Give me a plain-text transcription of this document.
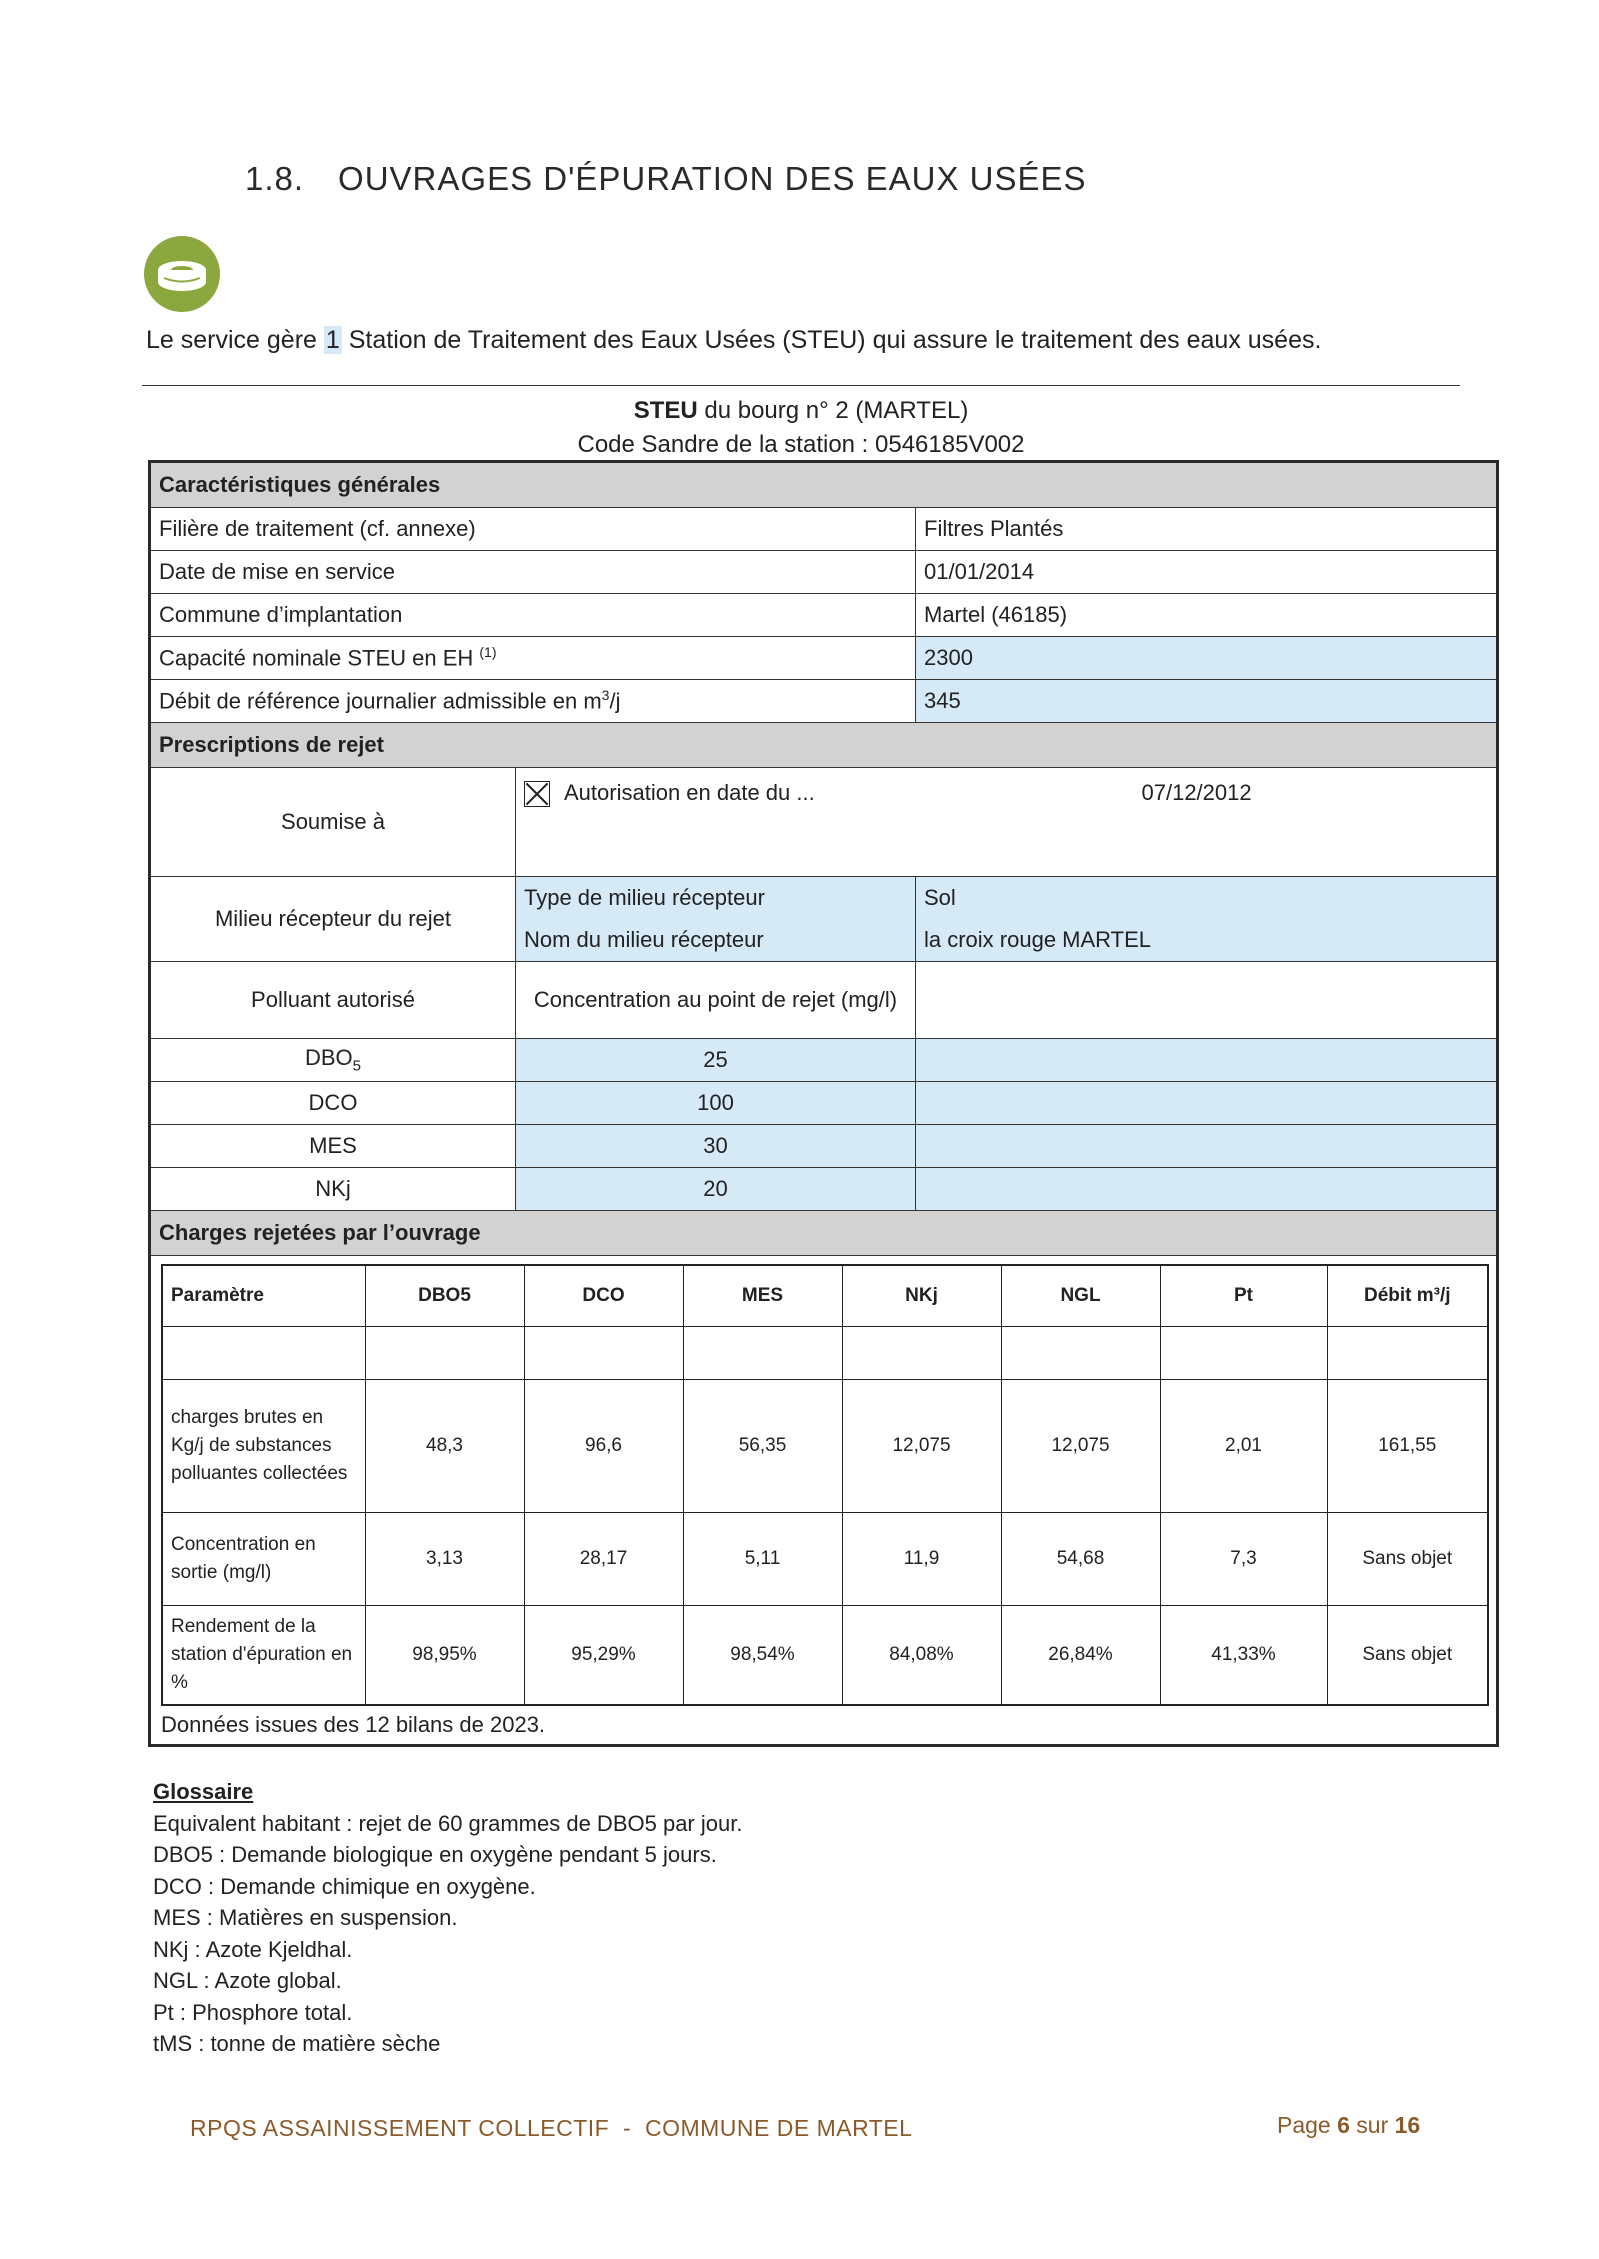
1.8. OUVRAGES D'ÉPURATION DES EAUX USÉES
Le service gère 1 Station de Traitement des Eaux Usées (STEU) qui assure le traitement des eaux usées.
STEU du bourg n° 2 (MARTEL)
Code Sandre de la station : 0546185V002
Caractéristiques générales
Filière de traitement (cf. annexe)	Filtres Plantés
Date de mise en service	01/01/2014
Commune d’implantation	Martel (46185)
Capacité nominale STEU en EH $^{(1)}$	2300
Débit de référence journalier admissible en $m^3/j$	345
Prescriptions de rejet
Soumise à	Autorisation en date du ...	07/12/2012

Milieu récepteur du rejet	Type de milieu récepteur	Sol
Nom du milieu récepteur	la croix rouge MARTEL
Polluant autorisé	Concentration au point de rejet (mg/l)	
$DBO_5$	25	
DCO	100	
MES	30	
NKj	20	
Charges rejetées par l’ouvrage

Paramètre	DBO5	DCO	MES	NKj	NGL	Pt	Débit m³/j

charges brutes en Kg/j de substances polluantes collectées	48,3	96,6	56,35	12,075	12,075	2,01	161,55
Concentration en sortie (mg/l)	3,13	28,17	5,11	11,9	54,68	7,3	Sans objet
Rendement de la station d'épuration en %	98,95%	95,29%	98,54%	84,08%	26,84%	41,33%	Sans objet
Données issues des 12 bilans de 2023.
Glossaire
Equivalent habitant : rejet de 60 grammes de DBO5 par jour.
DBO5 : Demande biologique en oxygène pendant 5 jours.
DCO : Demande chimique en oxygène.
MES : Matières en suspension.
NKj : Azote Kjeldhal.
NGL : Azote global.
Pt : Phosphore total.
tMS : tonne de matière sèche
RPQS ASSAINISSEMENT COLLECTIF  -  COMMUNE DE MARTEL	Page 6 sur 16
